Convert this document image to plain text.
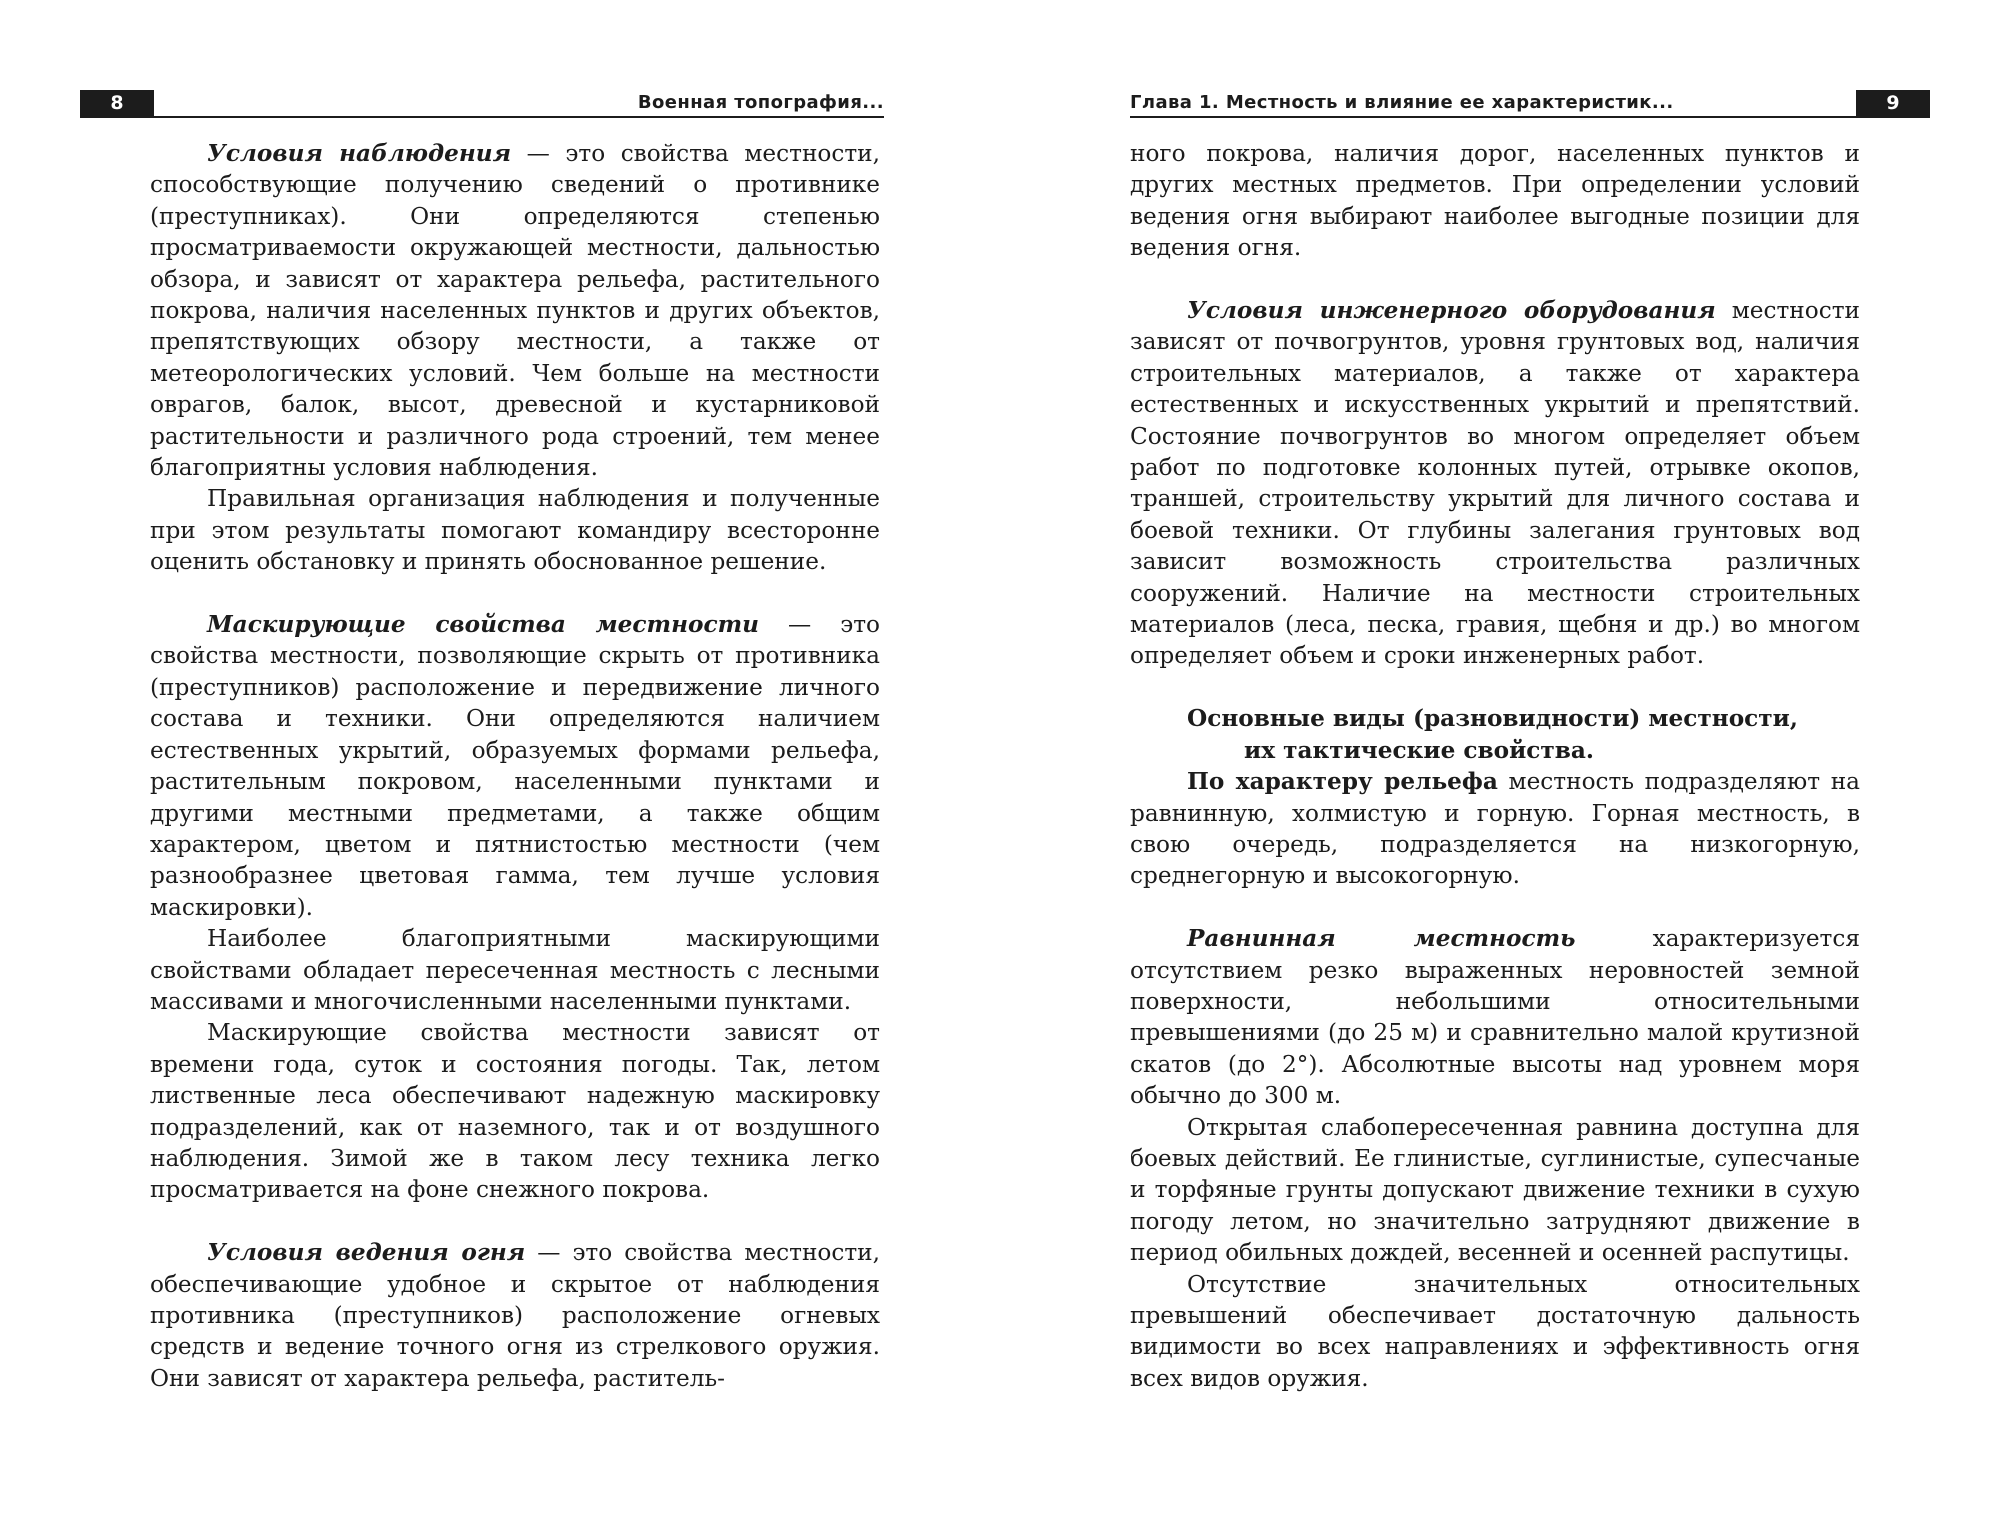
8	Военная топография...	Глава 1. Местность и влияние ее характеристик...	9

Условия наблюдения — это свойства местности, способствующие получению сведений о противнике (преступниках). Они определяются степенью просматриваемости окружающей местности, дальностью обзора, и зависят от характера рельефа, растительного покрова, наличия населенных пунктов и других объектов, препятствующих обзору местности, а также от метеорологических условий. Чем больше на местности оврагов, балок, высот, древесной и кустарниковой растительности и различного рода строений, тем менее благоприятны условия наблюдения.

Правильная организация наблюдения и полученные при этом результаты помогают командиру всесторонне оценить обстановку и принять обоснованное решение.

Маскирующие свойства местности — это свойства местности, позволяющие скрыть от противника (преступников) расположение и передвижение личного состава и техники. Они определяются наличием естественных укрытий, образуемых формами рельефа, растительным покровом, населенными пунктами и другими местными предметами, а также общим характером, цветом и пятнистостью местности (чем разнообразнее цветовая гамма, тем лучше условия маскировки).

Наиболее благоприятными маскирующими свойствами обладает пересеченная местность с лесными массивами и многочисленными населенными пунктами.

Маскирующие свойства местности зависят от времени года, суток и состояния погоды. Так, летом лиственные леса обеспечивают надежную маскировку подразделений, как от наземного, так и от воздушного наблюдения. Зимой же в таком лесу техника легко просматривается на фоне снежного покрова.

Условия ведения огня — это свойства местности, обеспечивающие удобное и скрытое от наблюдения противника (преступников) расположение огневых средств и ведение точного огня из стрелкового оружия. Они зависят от характера рельефа, раститель-

ного покрова, наличия дорог, населенных пунктов и других местных предметов. При определении условий ведения огня выбирают наиболее выгодные позиции для ведения огня.

Условия инженерного оборудования местности зависят от почвогрунтов, уровня грунтовых вод, наличия строительных материалов, а также от характера естественных и искусственных укрытий и препятствий. Состояние почвогрунтов во многом определяет объем работ по подготовке колонных путей, отрывке окопов, траншей, строительству укрытий для личного состава и боевой техники. От глубины залегания грунтовых вод зависит возможность строительства различных сооружений. Наличие на местности строительных материалов (леса, песка, гравия, щебня и др.) во многом определяет объем и сроки инженерных работ.

Основные виды (разновидности) местности,
их тактические свойства.

По характеру рельефа местность подразделяют на равнинную, холмистую и горную. Горная местность, в свою очередь, подразделяется на низкогорную, среднегорную и высокогорную.

Равнинная местность характеризуется отсутствием резко выраженных неровностей земной поверхности, небольшими относительными превышениями (до 25 м) и сравнительно малой крутизной скатов (до 2°). Абсолютные высоты над уровнем моря обычно до 300 м.

Открытая слабопересеченная равнина доступна для боевых действий. Ее глинистые, суглинистые, супесчаные и торфяные грунты допускают движение техники в сухую погоду летом, но значительно затрудняют движение в период обильных дождей, весенней и осенней распутицы.

Отсутствие значительных относительных превышений обеспечивает достаточную дальность видимости во всех направлениях и эффективность огня всех видов оружия.
